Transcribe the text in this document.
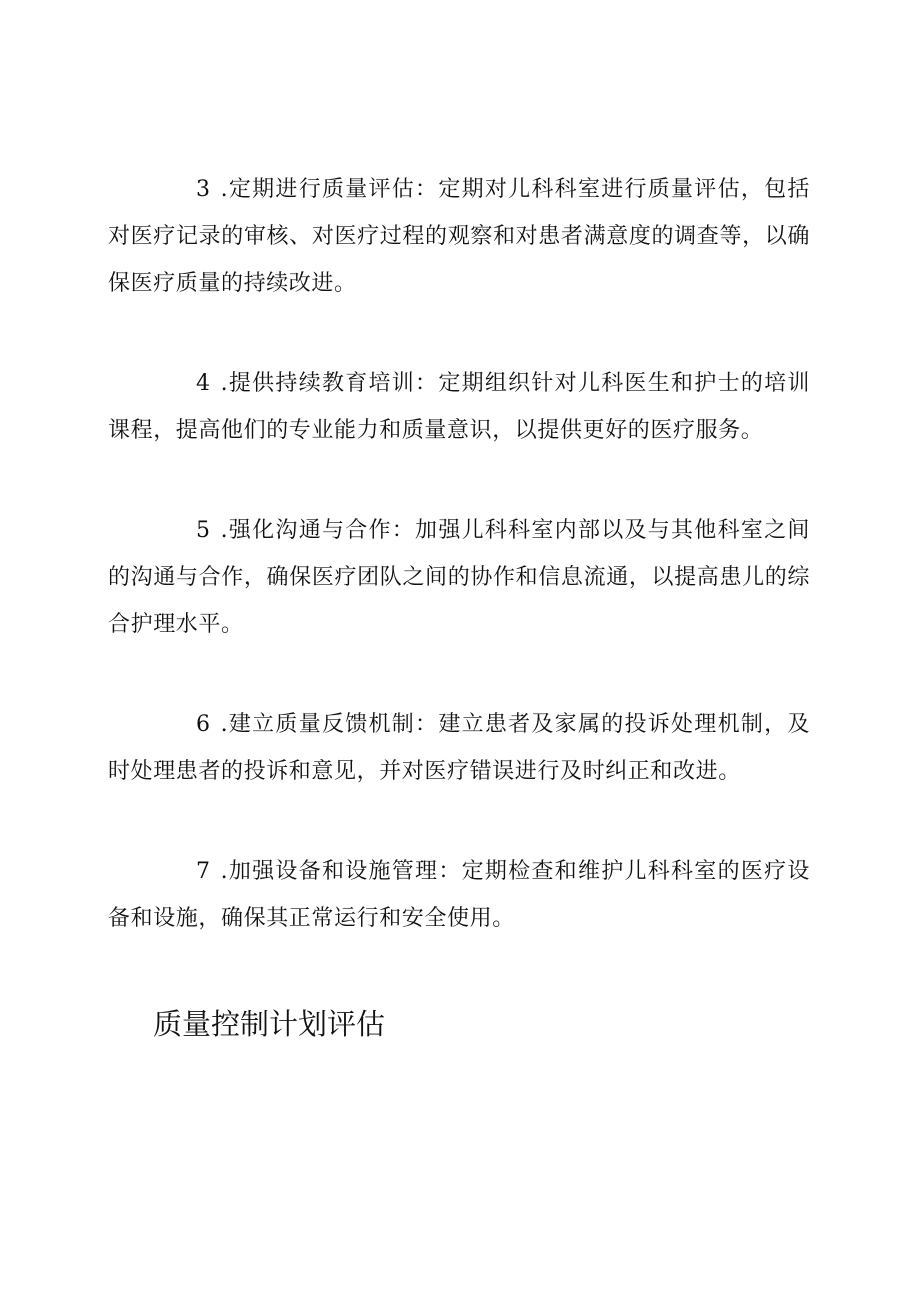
3 .定期进行质量评估：定期对儿科科室进行质量评估，包括对医疗记录的审核、对医疗过程的观察和对患者满意度的调查等，以确保医疗质量的持续改进。

4 .提供持续教育培训：定期组织针对儿科医生和护士的培训课程，提高他们的专业能力和质量意识，以提供更好的医疗服务。

5 .强化沟通与合作：加强儿科科室内部以及与其他科室之间的沟通与合作，确保医疗团队之间的协作和信息流通，以提高患儿的综合护理水平。

6 .建立质量反馈机制：建立患者及家属的投诉处理机制，及时处理患者的投诉和意见，并对医疗错误进行及时纠正和改进。

7 .加强设备和设施管理：定期检查和维护儿科科室的医疗设备和设施，确保其正常运行和安全使用。

质量控制计划评估
